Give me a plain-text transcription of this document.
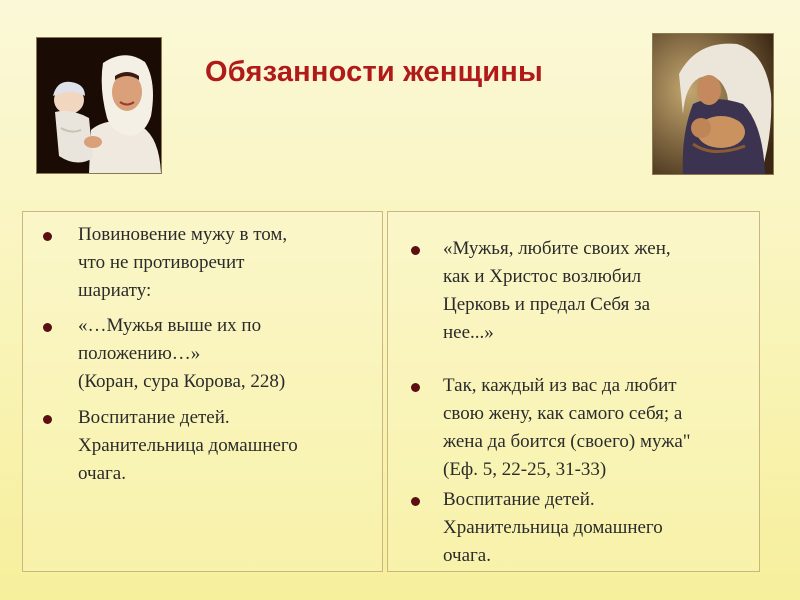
Обязанности женщины
Повиновение мужу в том,
что не противоречит
шариату:
«…Мужья выше их по
положению…»
(Коран, сура Корова, 228)
Воспитание детей.
Хранительница домашнего
очага.
«Мужья, любите своих жен,
как и Христос возлюбил
Церковь и предал Себя за
нее...»
Так, каждый из вас да любит
свою жену, как самого себя; а
жена да боится (своего) мужа"
(Еф. 5, 22-25, 31-33)
Воспитание детей.
Хранительница домашнего
очага.
